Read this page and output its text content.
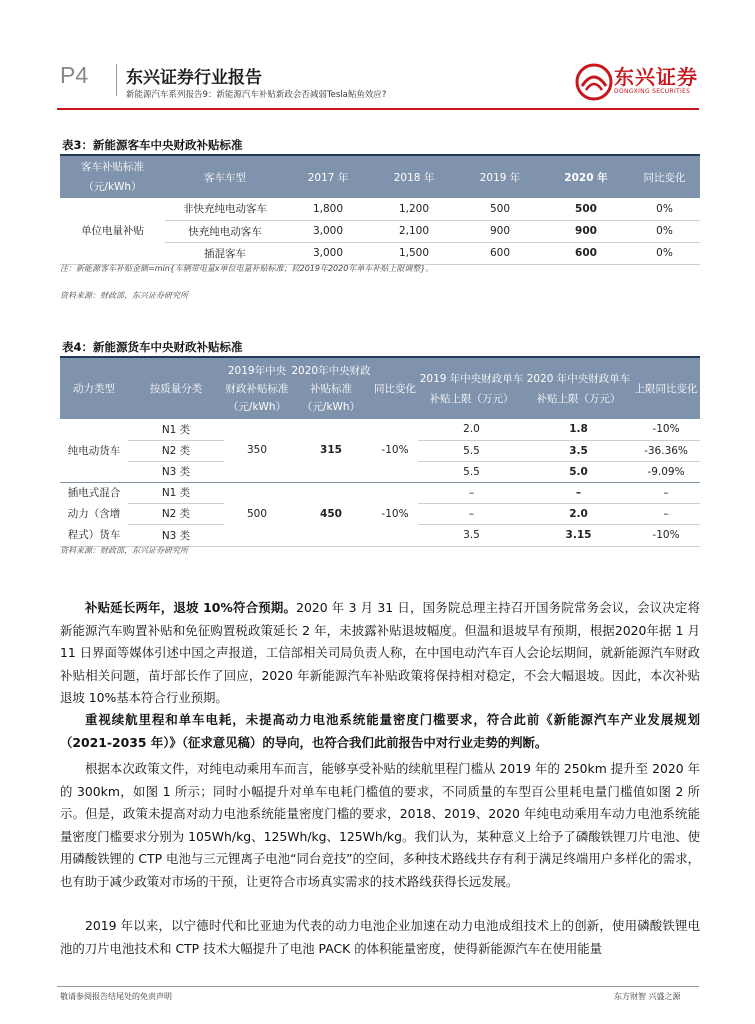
P4 东兴证券行业报告
新能源汽车系列报告9：新能源汽车补贴新政会否减弱Tesla鲇鱼效应?
东兴证券
DONGXING SECURITIES
表3：新能源客车中央财政补贴标准
客车补贴标准（元/kWh）	客车车型	2017 年	2018 年	2019 年	2020 年	同比变化
单位电量补贴	非快充纯电动客车	1,800	1,200	500	500	0%
	快充纯电动客车	3,000	2,100	900	900	0%
	插混客车	3,000	1,500	600	600	0%
注：新能源客车补贴金额=min{车辆带电量x单位电量补贴标准；较2019年2020年单车补贴上限调整}。
资料来源：财政部，东兴证券研究所
表4：新能源货车中央财政补贴标准
动力类型	按质量分类	2019年中央财政补贴标准（元/kWh）	2020年中央财政补贴标准（元/kWh）	同比变化	2019 年中央财政单车补贴上限（万元）	2020 年中央财政单车补贴上限（万元）	上限同比变化
纯电动货车	N1 类	350	315	-10%	2.0	1.8	-10%
	N2 类				5.5	3.5	-36.36%
	N3 类				5.5	5.0	-9.09%
插电式混合动力（含增程式）货车	N1 类	500	450	-10%	–	–	–
	N2 类				–	2.0	–
	N3 类				3.5	3.15	-10%
资料来源：财政部，东兴证券研究所
补贴延长两年，退坡 10%符合预期。2020 年 3 月 31 日，国务院总理主持召开国务院常务会议，会议决定将新能源汽车购置补贴和免征购置税政策延长 2 年，未披露补贴退坡幅度。但温和退坡早有预期，根据2020年据 1 月 11 日界面等媒体引述中国之声报道，工信部相关司局负责人称，在中国电动汽车百人会论坛期间，就新能源汽车财政补贴相关问题，苗圩部长作了回应，2020 年新能源汽车补贴政策将保持相对稳定，不会大幅退坡。因此，本次补贴退坡 10%基本符合行业预期。
重视续航里程和单车电耗，未提高动力电池系统能量密度门槛要求，符合此前《新能源汽车产业发展规划（2021-2035 年）》（征求意见稿）的导向，也符合我们此前报告中对行业走势的判断。
根据本次政策文件，对纯电动乘用车而言，能够享受补贴的续航里程门槛从 2019 年的 250km 提升至 2020 年的 300km，如图 1 所示；同时小幅提升对单车电耗门槛值的要求，不同质量的车型百公里耗电量门槛值如图 2 所示。但是，政策未提高对动力电池系统能量密度门槛的要求，2018、2019、2020 年纯电动乘用车动力电池系统能量密度门槛要求分别为 105Wh/kg、125Wh/kg、125Wh/kg。我们认为，某种意义上给予了磷酸铁锂刀片电池、使用磷酸铁锂的 CTP 电池与三元锂离子电池“同台竞技”的空间，多种技术路线共存有利于满足终端用户多样化的需求，也有助于减少政策对市场的干预，让更符合市场真实需求的技术路线获得长远发展。
2019 年以来，以宁德时代和比亚迪为代表的动力电池企业加速在动力电池成组技术上的创新，使用磷酸铁锂电池的刀片电池技术和 CTP 技术大幅提升了电池 PACK 的体积能量密度，使得新能源汽车在使用能量
敬请参阅报告结尾处的免责声明	东方财智 兴盛之源
